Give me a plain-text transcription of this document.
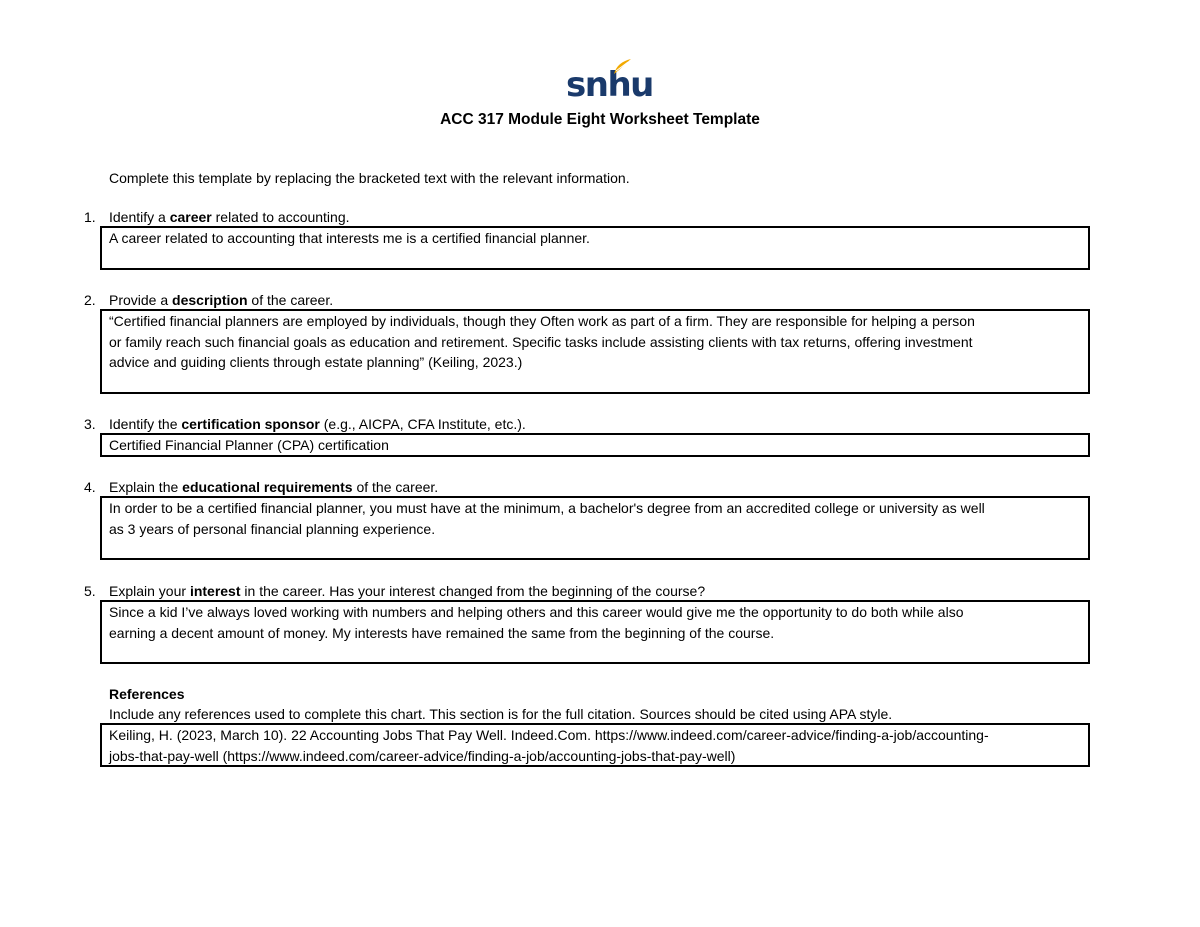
snhu
ACC 317 Module Eight Worksheet Template
Complete this template by replacing the bracketed text with the relevant information.
1. Identify a career related to accounting.
A career related to accounting that interests me is a certified financial planner.
2. Provide a description of the career.
“Certified financial planners are employed by individuals, though they Often work as part of a firm. They are responsible for helping a person
or family reach such financial goals as education and retirement. Specific tasks include assisting clients with tax returns, offering investment
advice and guiding clients through estate planning” (Keiling, 2023.)
3. Identify the certification sponsor (e.g., AICPA, CFA Institute, etc.).
Certified Financial Planner (CPA) certification
4. Explain the educational requirements of the career.
In order to be a certified financial planner, you must have at the minimum, a bachelor's degree from an accredited college or university as well
as 3 years of personal financial planning experience.
5. Explain your interest in the career. Has your interest changed from the beginning of the course?
Since a kid I’ve always loved working with numbers and helping others and this career would give me the opportunity to do both while also
earning a decent amount of money. My interests have remained the same from the beginning of the course.
References
Include any references used to complete this chart. This section is for the full citation. Sources should be cited using APA style.
Keiling, H. (2023, March 10). 22 Accounting Jobs That Pay Well. Indeed.Com. https://www.indeed.com/career-advice/finding-a-job/accounting-
jobs-that-pay-well (https://www.indeed.com/career-advice/finding-a-job/accounting-jobs-that-pay-well)
